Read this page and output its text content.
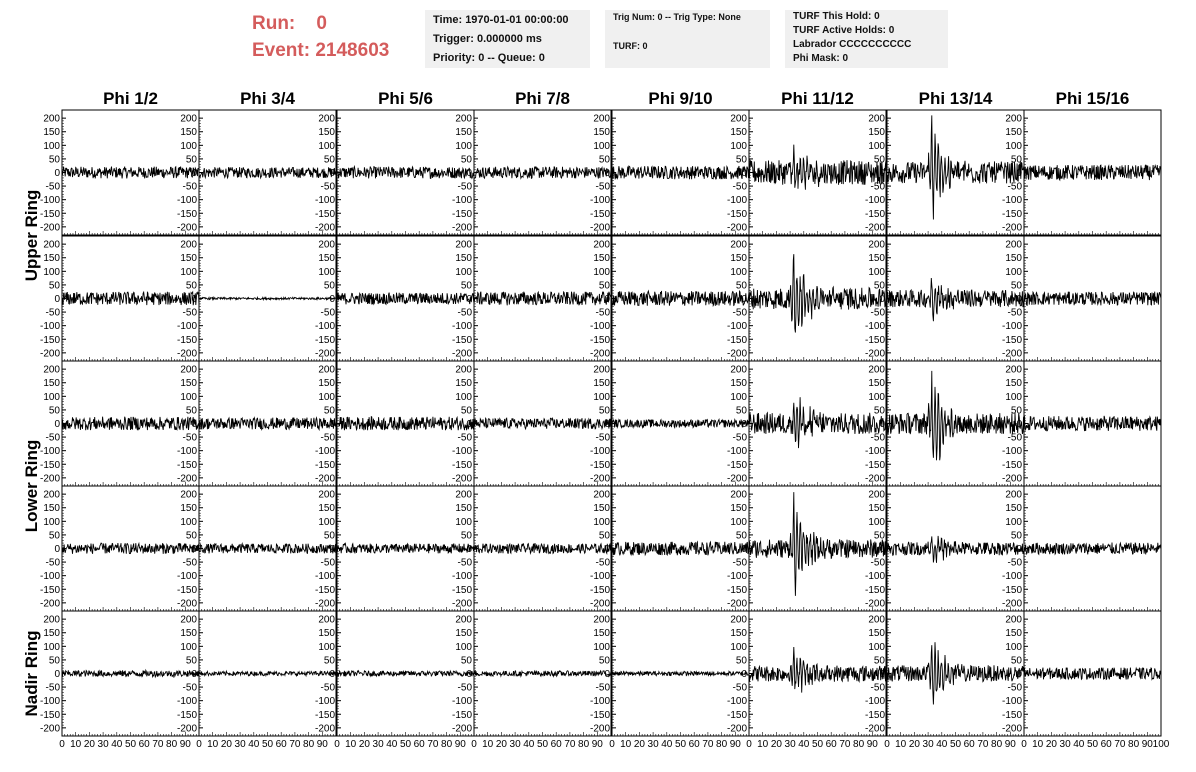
Run: 0
Event: 2148603
Time: 1970-01-01 00:00:00
Trigger: 0.000000 ms
Priority: 0 -- Queue: 0
Trig Num: 0 -- Trig Type: None
TURF: 0
TURF This Hold: 0
TURF Active Holds: 0
Labrador CCCCCCCCCC
Phi Mask: 0
Phi 1/2	Phi 3/4	Phi 5/6	Phi 7/8	Phi 9/10	Phi 11/12	Phi 13/14	Phi 15/16
Upper Ring
Lower Ring
Nadir Ring
-200
-150
-100
-50
0
50
100
150
200
-200
-150
-100
-50
0
50
100
150
200
-200
-150
-100
-50
0
50
100
150
200
-200
-150
-100
-50
0
50
100
150
200
-200
-150
-100
-50
0
50
100
150
200
-200
-150
-100
-50
0
50
100
150
200
-200
-150
-100
-50
0
50
100
150
200
-200
-150
-100
-50
0
50
100
150
200
-200
-150
-100
-50
0
50
100
150
200
-200
-150
-100
-50
0
50
100
150
200
-200
-150
-100
-50
0
50
100
150
200
-200
-150
-100
-50
0
50
100
150
200
-200
-150
-100
-50
0
50
100
150
200
-200
-150
-100
-50
0
50
100
150
200
-200
-150
-100
-50
0
50
100
150
200
-200
-150
-100
-50
0
50
100
150
200
-200
-150
-100
-50
0
50
100
150
200
-200
-150
-100
-50
0
50
100
150
200
-200
-150
-100
-50
0
50
100
150
200
-200
-150
-100
-50
0
50
100
150
200
-200
-150
-100
-50
0
50
100
150
200
-200
-150
-100
-50
0
50
100
150
200
-200
-150
-100
-50
0
50
100
150
200
-200
-150
-100
-50
0
50
100
150
200
-200
-150
-100
-50
0
50
100
150
200
-200
-150
-100
-50
0
50
100
150
200
-200
-150
-100
-50
0
50
100
150
200
-200
-150
-100
-50
0
50
100
150
200
-200
-150
-100
-50
0
50
100
150
200
-200
-150
-100
-50
0
50
100
150
200
-200
-150
-100
-50
0
50
100
150
200
-200
-150
-100
-50
0
50
100
150
200
-200
-150
-100
-50
0
50
100
150
200
-200
-150
-100
-50
0
50
100
150
200
-200
-150
-100
-50
0
50
100
150
200
-200
-150
-100
-50
0
50
100
150
200
-200
-150
-100
-50
0
50
100
150
200
-200
-150
-100
-50
0
50
100
150
200
-200
-150
-100
-50
0
50
100
150
200
-200
-150
-100
-50
0
50
100
150
200
0 10 20 30 40 50 60 70 80 90 0 10 20 30 40 50 60 70 80 90 0 10 20 30 40 50 60 70 80 90 0 10 20 30 40 50 60 70 80 90 0 10 20 30 40 50 60 70 80 90 0 10 20 30 40 50 60 70 80 90 0 10 20 30 40 50 60 70 80 90 0 10 20 30 40 50 60 70 80 90 100
